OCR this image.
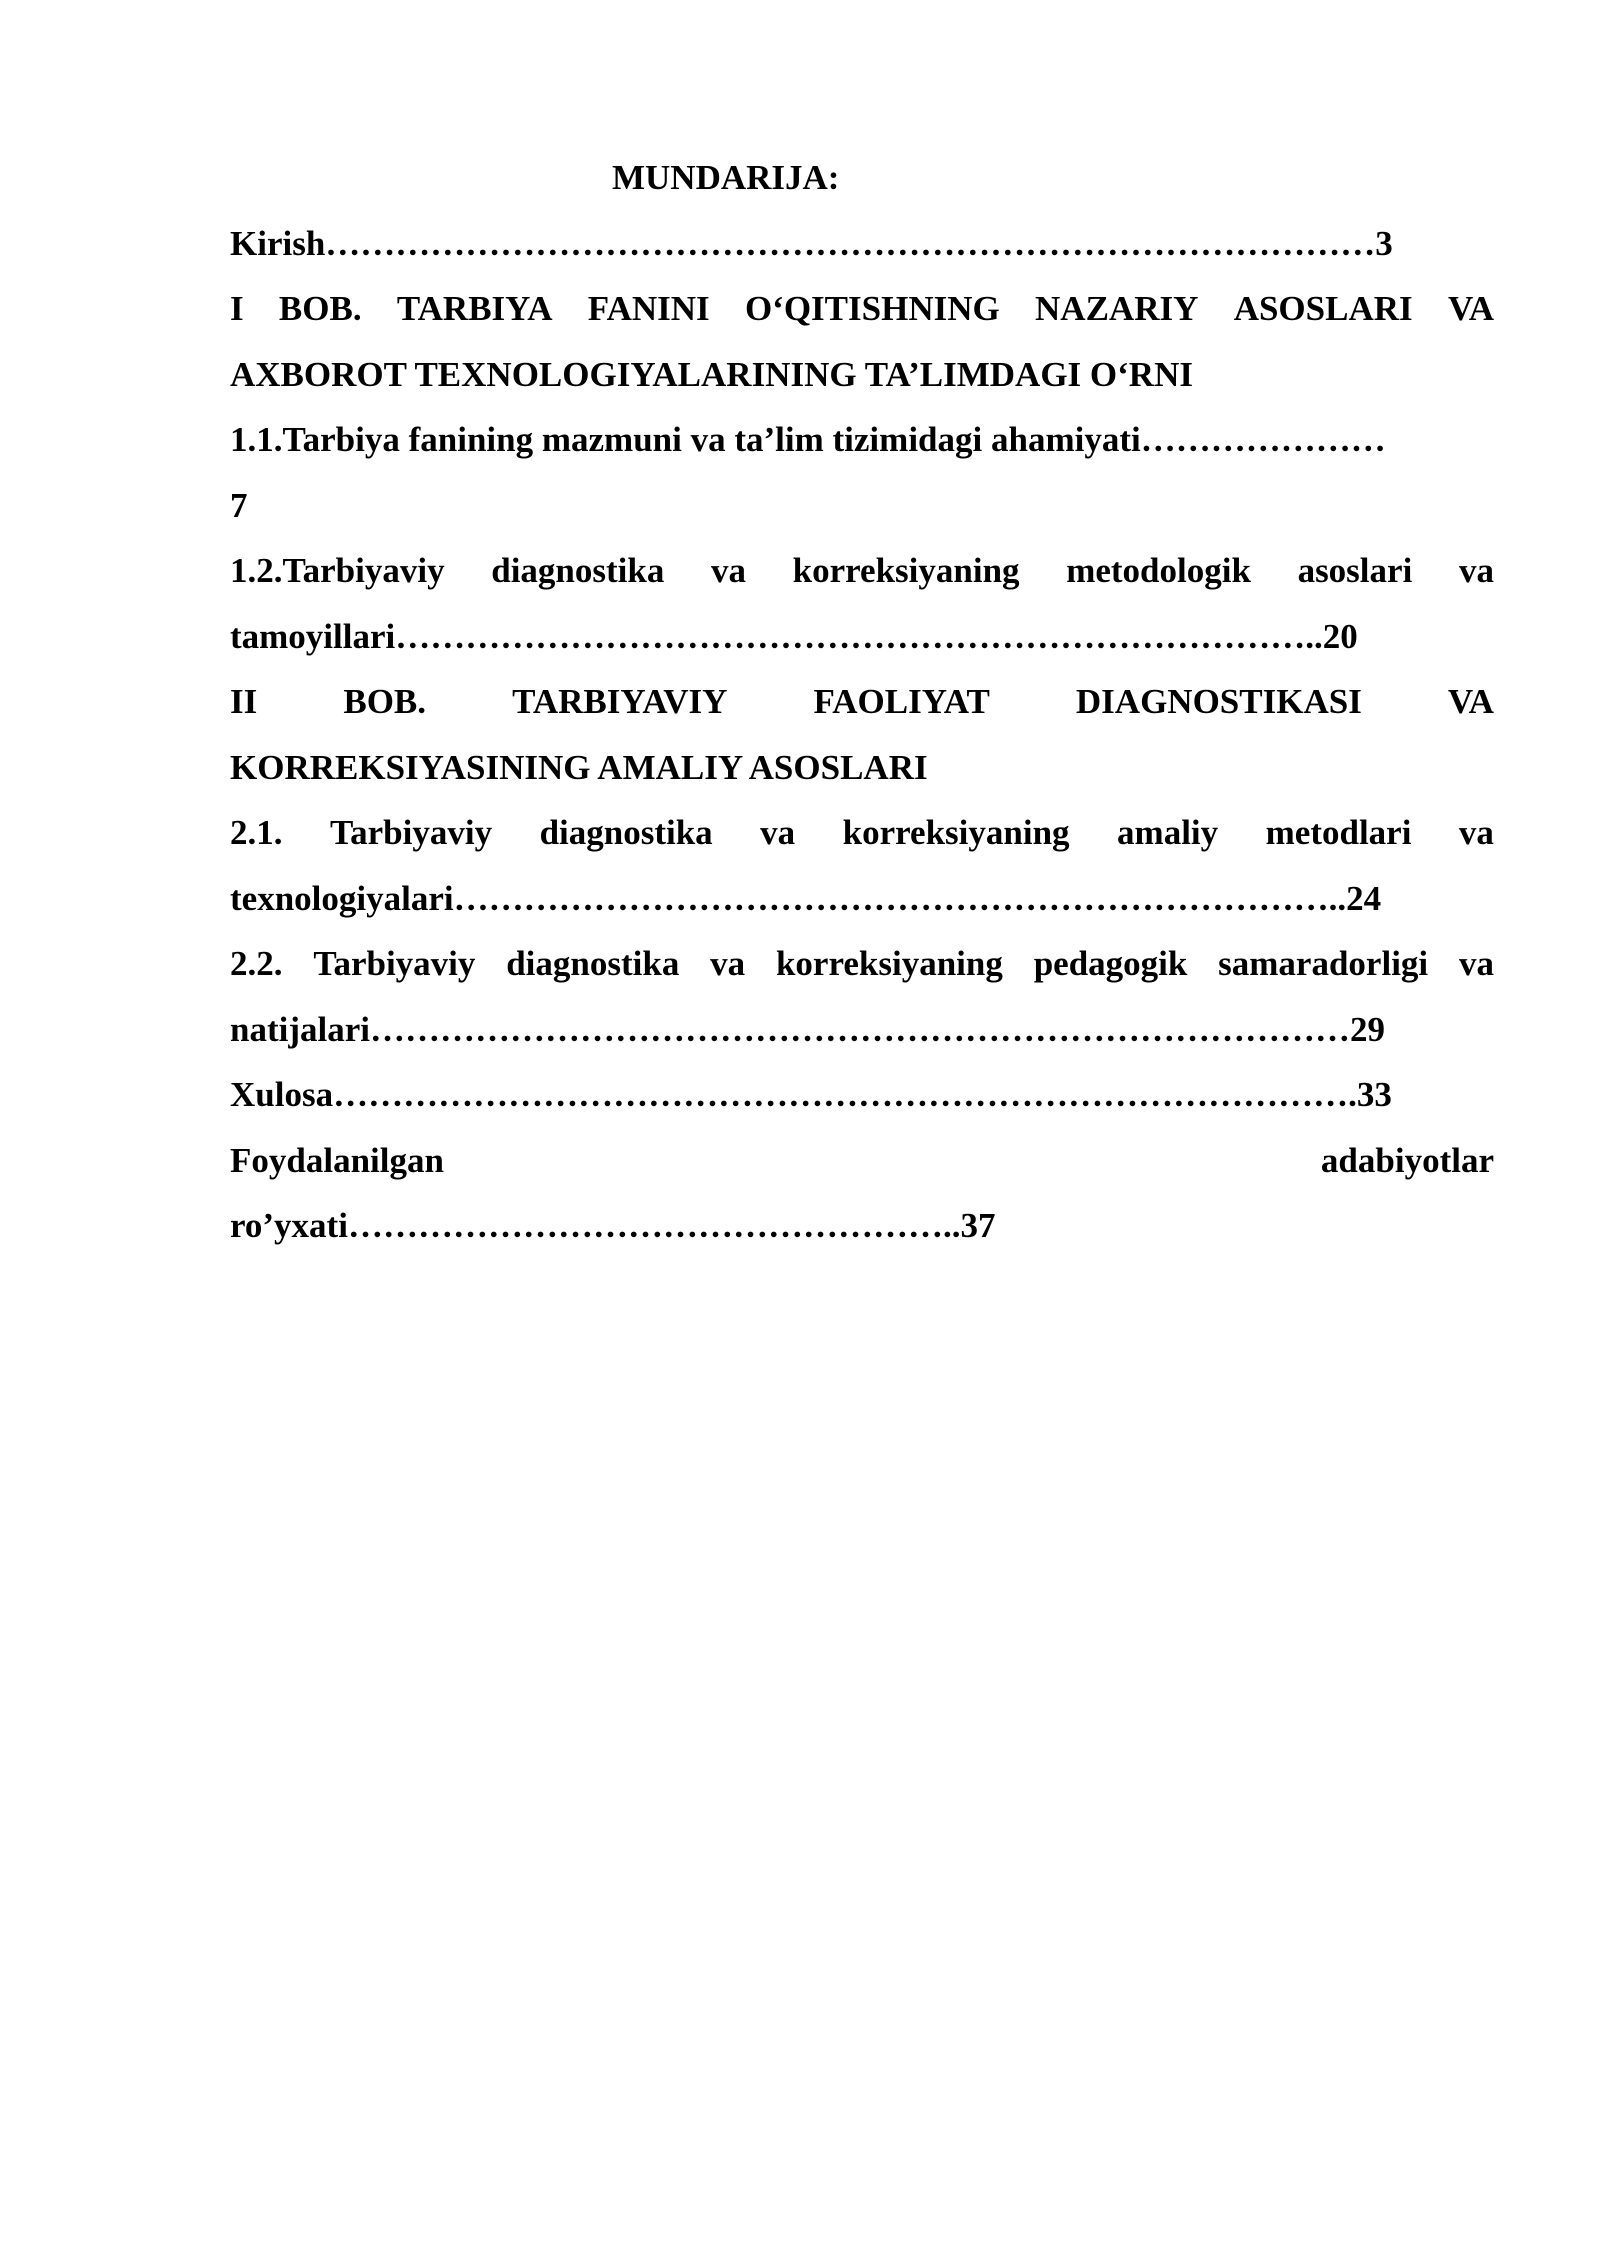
MUNDARIJA:
Kirish………………………………………………………………………………3
I BOB. TARBIYA FANINI O‘QITISHNING NAZARIY ASOSLARI VA
AXBOROT TEXNOLOGIYALARINING TA’LIMDAGI O‘RNI
1.1.Tarbiya fanining mazmuni va ta’lim tizimidagi ahamiyati…………………
7
1.2.Tarbiyaviy diagnostika va korreksiyaning metodologik asoslari va
tamoyillari……………………………………………………………………..20
II BOB. TARBIYAVIY FAOLIYAT DIAGNOSTIKASI VA
KORREKSIYASINING AMALIY ASOSLARI
2.1. Tarbiyaviy diagnostika va korreksiyaning amaliy metodlari va
texnologiyalari…………………………………………………………………..24
2.2. Tarbiyaviy diagnostika va korreksiyaning pedagogik samaradorligi va
natijalari…………………………………………………………………………29
Xulosa…………………………………………………………………………….33
Foydalanilgan	adabiyotlar
ro’yxati……………………………………………..37
